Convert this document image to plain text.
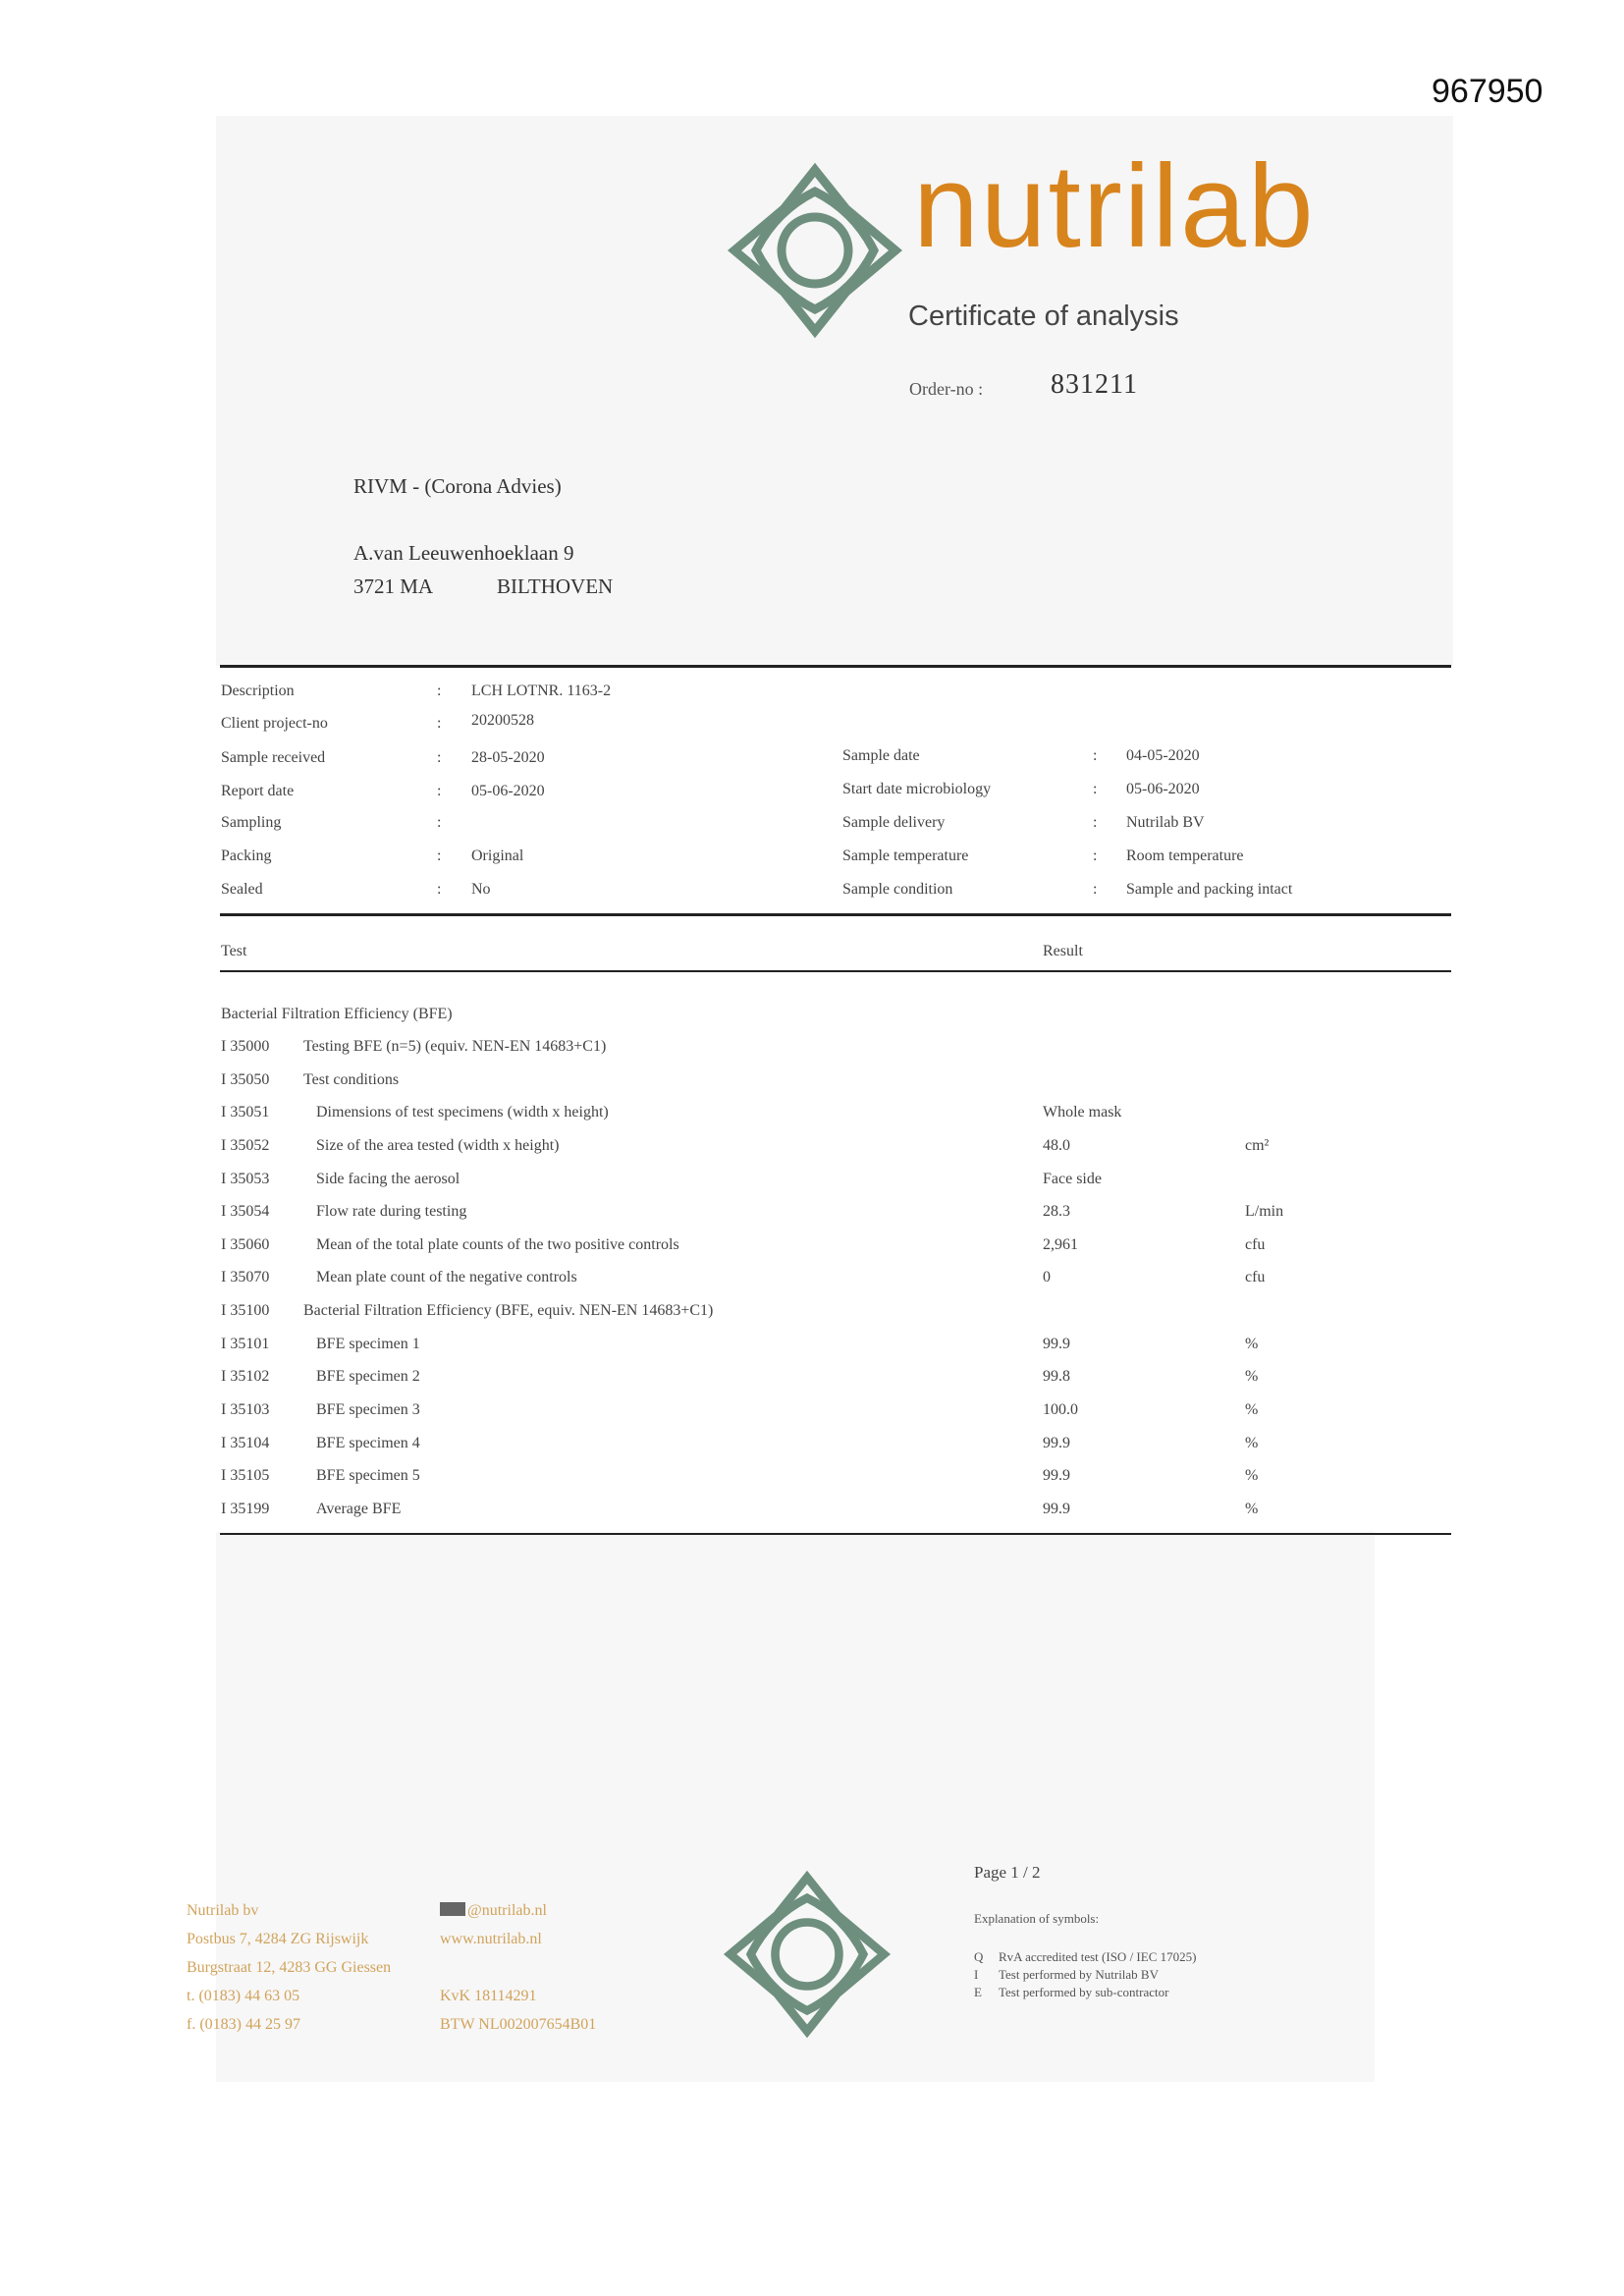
967950
nutrilab
Certificate of analysis
Order-no : 831211
RIVM - (Corona Advies)
A.van Leeuwenhoeklaan 9
3721 MA	BILTHOVEN
Description	: LCH LOTNR. 1163-2
Client project-no	: 20200528
Sample received	: 28-05-2020
Report date	: 05-06-2020
Sampling	:
Packing	: Original
Sealed	: No
Sample date	: 04-05-2020
Start date microbiology	: 05-06-2020
Sample delivery	: Nutrilab BV
Sample temperature	: Room temperature
Sample condition	: Sample and packing intact
Test	Result
Bacterial Filtration Efficiency (BFE)
I 35000 Testing BFE (n=5) (equiv. NEN-EN 14683+C1)
I 35050 Test conditions
I 35051	Dimensions of test specimens (width x height)	Whole mask
I 35052	Size of the area tested (width x height)	48.0	cm²
I 35053	Side facing the aerosol	Face side
I 35054	Flow rate during testing	28.3	L/min
I 35060	Mean of the total plate counts of the two positive controls	2,961	cfu
I 35070	Mean plate count of the negative controls	0	cfu
I 35100 Bacterial Filtration Efficiency (BFE, equiv. NEN-EN 14683+C1)
I 35101	BFE specimen 1	99.9	%
I 35102	BFE specimen 2	99.8	%
I 35103	BFE specimen 3	100.0	%
I 35104	BFE specimen 4	99.9	%
I 35105	BFE specimen 5	99.9	%
I 35199	Average BFE	99.9	%
Nutrilab bv
Postbus 7, 4284 ZG Rijswijk
Burgstraat 12, 4283 GG Giessen
t. (0183) 44 63 05
f. (0183) 44 25 97
@nutrilab.nl
www.nutrilab.nl
KvK 18114291
BTW NL002007654B01
Page 1 / 2
Explanation of symbols:
Q RvA accredited test (ISO / IEC 17025)
I Test performed by Nutrilab BV
E Test performed by sub-contractor
